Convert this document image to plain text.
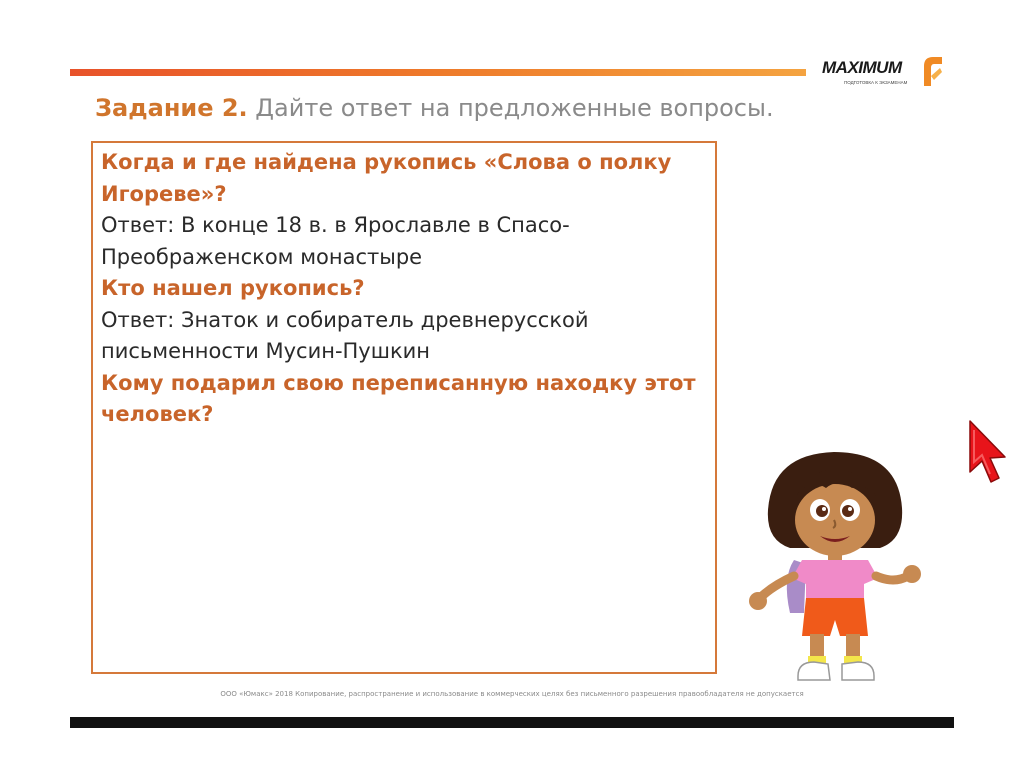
MAXIMUM
ПОДГОТОВКА К ЭКЗАМЕНАМ
Задание 2. Дайте ответ на предложенные вопросы.
Когда и где найдена рукопись «Слова о полку
Игореве»?
Ответ: В конце 18 в. в Ярославле в Спасо-
Преображенском монастыре
Кто нашел рукопись?
Ответ: Знаток и собиратель древнерусской
письменности Мусин-Пушкин
Кому подарил свою переписанную находку этот
человек?
ООО «Юмакс» 2018 Копирование, распространение и использование в коммерческих целях без письменного разрешения правообладателя не допускается
